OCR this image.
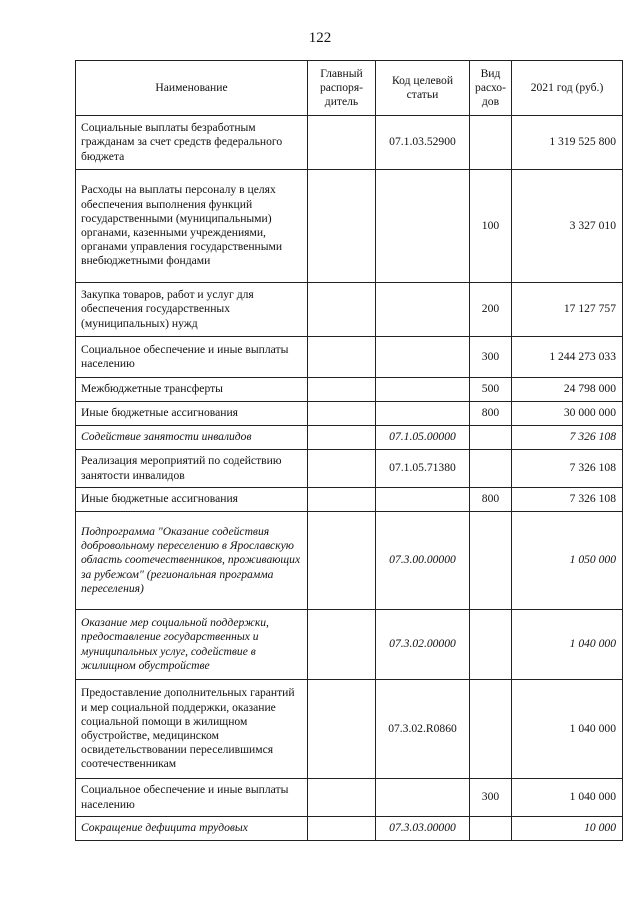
122
Наименование	Главный распоря-дитель	Код целевой статьи	Вид расхо-дов	2021 год (руб.)
Социальные выплаты безработным гражданам за счет средств федерального бюджета		07.1.03.52900		1 319 525 800
Расходы на выплаты персоналу в целях обеспечения выполнения функций государственными (муниципальными) органами, казенными учреждениями, органами управления государственными внебюджетными фондами			100	3 327 010
Закупка товаров, работ и услуг для обеспечения государственных (муниципальных) нужд			200	17 127 757
Социальное обеспечение и иные выплаты населению			300	1 244 273 033
Межбюджетные трансферты			500	24 798 000
Иные бюджетные ассигнования			800	30 000 000
Содействие занятости инвалидов		07.1.05.00000		7 326 108
Реализация мероприятий по содействию занятости инвалидов		07.1.05.71380		7 326 108
Иные бюджетные ассигнования			800	7 326 108
Подпрограмма "Оказание содействия добровольному переселению в Ярославскую область соотечественников, проживающих за рубежом" (региональная программа переселения)		07.3.00.00000		1 050 000
Оказание мер социальной поддержки, предоставление государственных и муниципальных услуг, содействие в жилищном обустройстве		07.3.02.00000		1 040 000
Предоставление дополнительных гарантий и мер социальной поддержки, оказание социальной помощи в жилищном обустройстве, медицинском освидетельствовании переселившимся соотечественникам		07.3.02.R0860		1 040 000
Социальное обеспечение и иные выплаты населению			300	1 040 000
Сокращение дефицита трудовых		07.3.03.00000		10 000
